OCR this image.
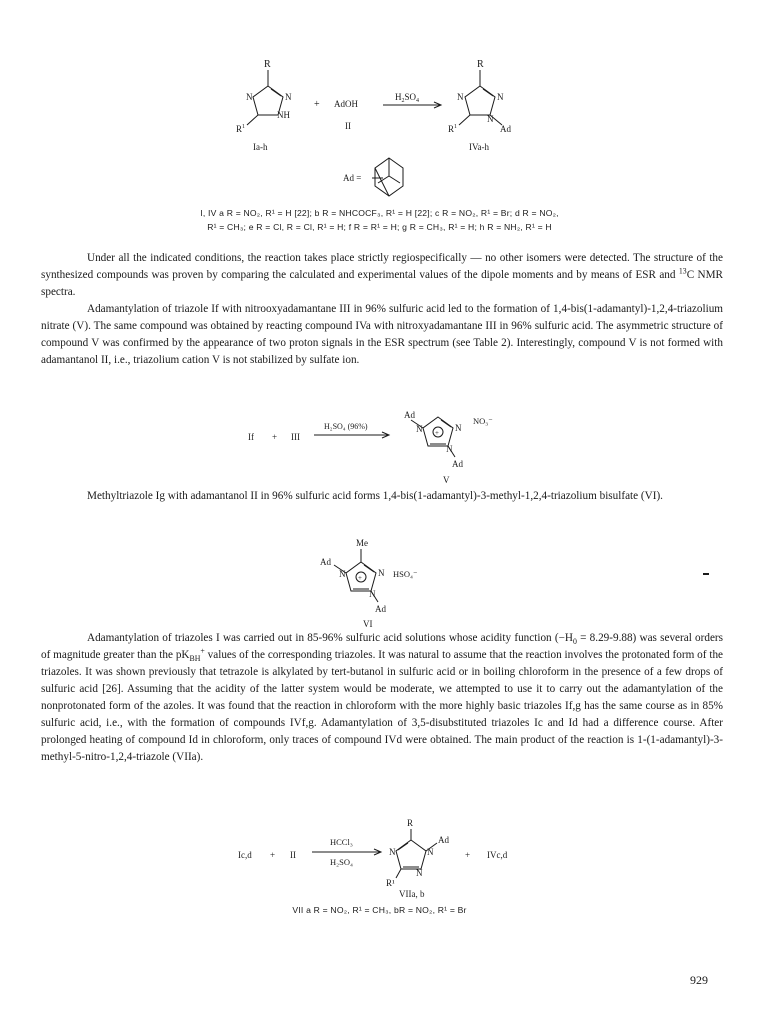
R
N	N
NH
$R^1$
Ia-h
+ AdOH
II
$H_2SO_4$
R
N	N
N
$R^1$	Ad
IVa-h
Ad =
I, IV a R = NO₂, R¹ = H [22]; b R = NHCOCF₃, R¹ = H [22]; c R = NO₂, R¹ = Br; d R = NO₂,
R¹ = CH₃; e R = Cl, R = Cl, R¹ = H; f R = R¹ = H; g R = CH₃, R¹ = H; h R = NH₂, R¹ = H

Under all the indicated conditions, the reaction takes place strictly regiospecifically — no other isomers were detected. The structure of the synthesized compounds was proven by comparing the calculated and experimental values of the dipole moments and by means of ESR and $^{13}$C NMR spectra.

Adamantylation of triazole If with nitrooxyadamantane III in 96% sulfuric acid led to the formation of 1,4-bis(1-adamantyl)-1,2,4-triazolium nitrate (V). The same compound was obtained by reacting compound IVa with nitroxyadamantane III in 96% sulfuric acid. The asymmetric structure of compound V was confirmed by the appearance of two proton signals in the ESR spectrum (see Table 2). Interestingly, compound V is not formed with adamantanol II, i.e., triazolium cation V is not stabilized by sulfate ion.

If + III
H₂SO₄ (96%)
Ad
N	N
N
+
NO₃⁻
Ad
V

Methyltriazole Ig with adamantanol II in 96% sulfuric acid forms 1,4-bis(1-adamantyl)-3-methyl-1,2,4-triazolium bisulfate (VI).

Me
Ad
N	N
N
+	HSO₄⁻
Ad
VI

Adamantylation of triazoles I was carried out in 85-96% sulfuric acid solutions whose acidity function $(-H_0 = 8.29-9.88)$ was several orders of magnitude greater than the $pK_{BH}^+$ values of the corresponding triazoles. It was natural to assume that the reaction involves the protonated form of the triazoles. It was shown previously that tetrazole is alkylated by tert-butanol in sulfuric acid or in boiling chloroform in the presence of a few drops of sulfuric acid [26]. Assuming that the acidity of the latter system would be moderate, we attempted to use it to carry out the adamantylation of the nonprotonated form of the azoles. It was found that the reaction in chloroform with the more highly basic triazoles If,g has the same course as in 85% sulfuric acid, i.e., with the formation of compounds IVf,g. Adamantylation of 3,5-disubstituted triazoles Ic and Id had a difference course. After prolonged heating of compound Id in chloroform, only traces of compound IVd were obtained. The main product of the reaction is 1-(1-adamantyl)-3-methyl-5-nitro-1,2,4-triazole (VIIa).

Ic,d + II
HCCl₃
H₂SO₄
R
Ad
N	N
N
R¹
+ IVc,d
VIIa, b
VII a R = NO₂, R¹ = CH₃, bR = NO₂, R¹ = Br
929
